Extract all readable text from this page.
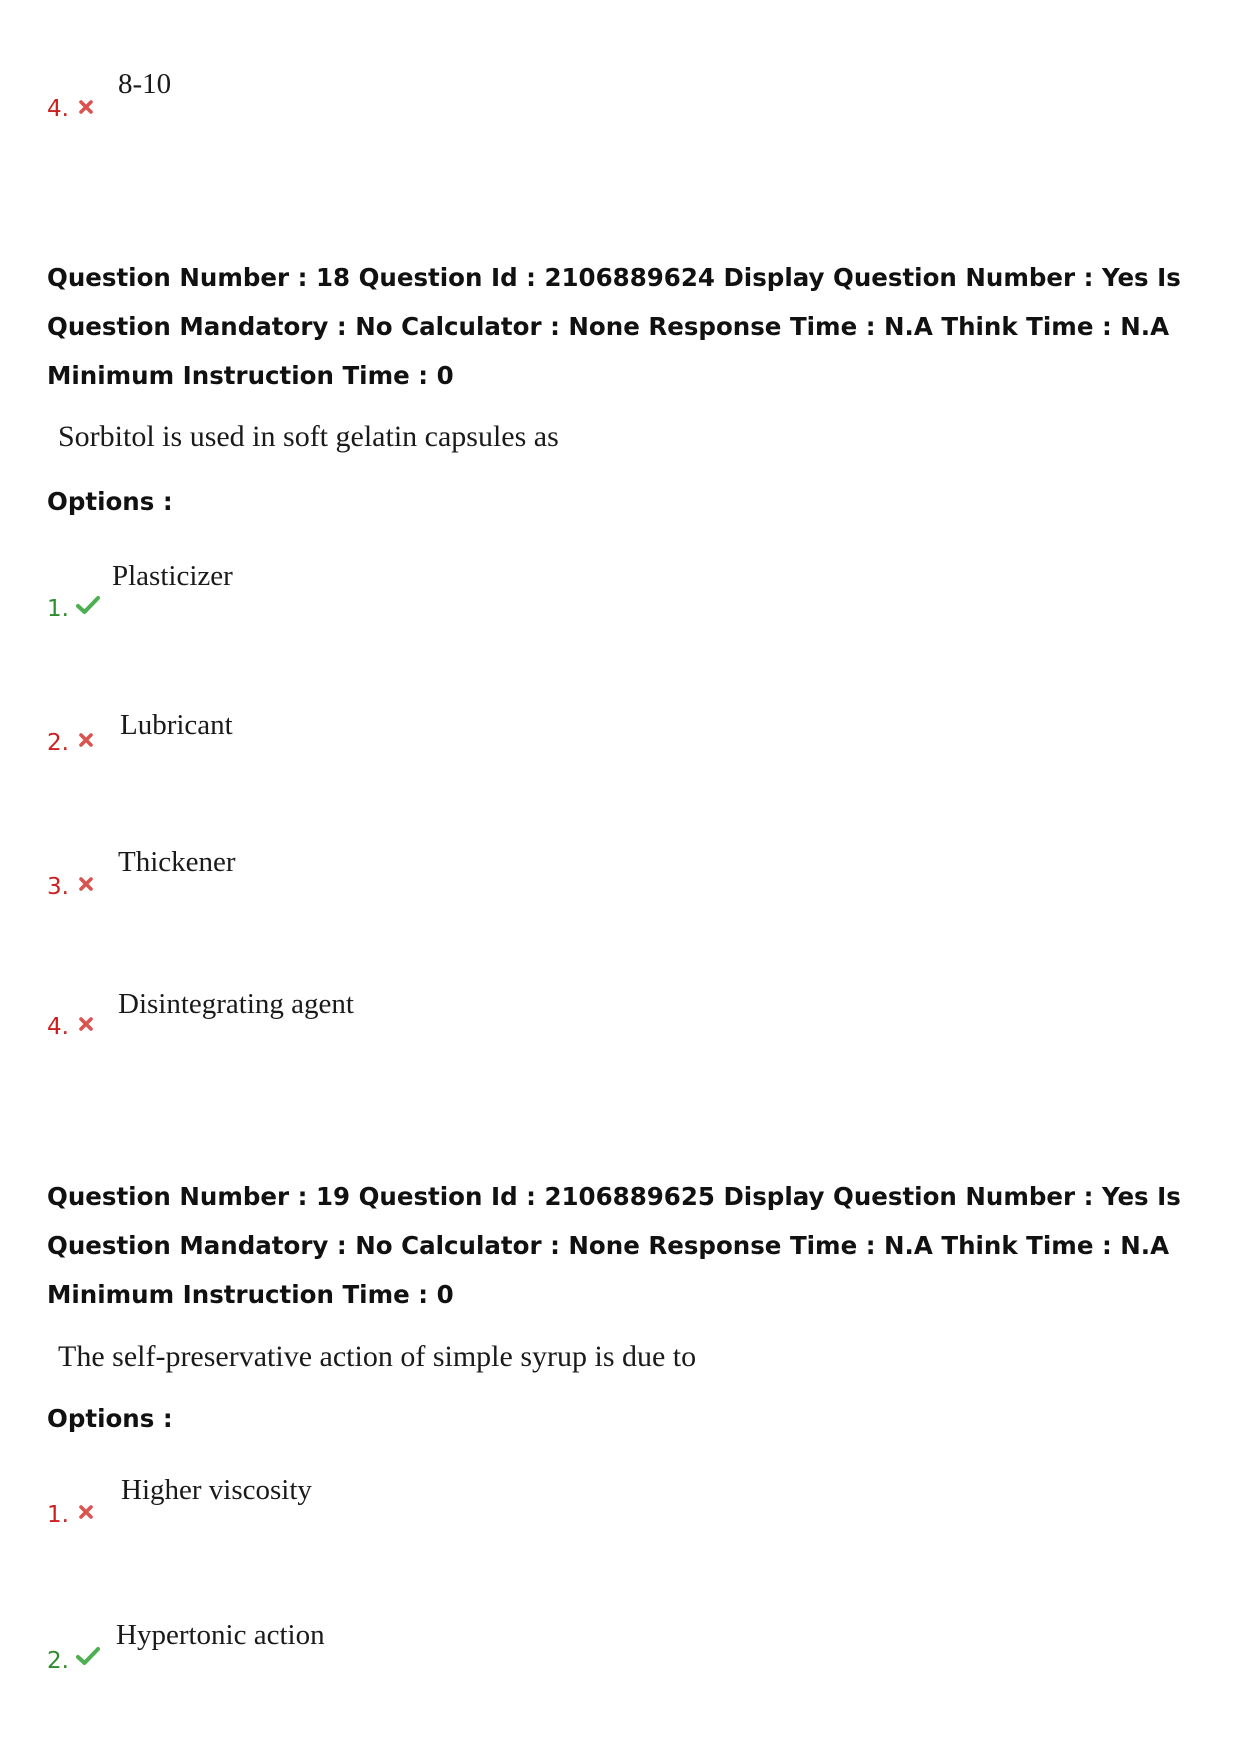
4.
8-10
Question Number : 18 Question Id : 2106889624 Display Question Number : Yes Is Question Mandatory : No Calculator : None Response Time : N.A Think Time : N.A Minimum Instruction Time : 0
Sorbitol is used in soft gelatin capsules as
Options :
1.
Plasticizer
2.
Lubricant
3.
Thickener
4.
Disintegrating agent
Question Number : 19 Question Id : 2106889625 Display Question Number : Yes Is Question Mandatory : No Calculator : None Response Time : N.A Think Time : N.A Minimum Instruction Time : 0
The self-preservative action of simple syrup is due to
Options :
1.
Higher viscosity
2.
Hypertonic action
